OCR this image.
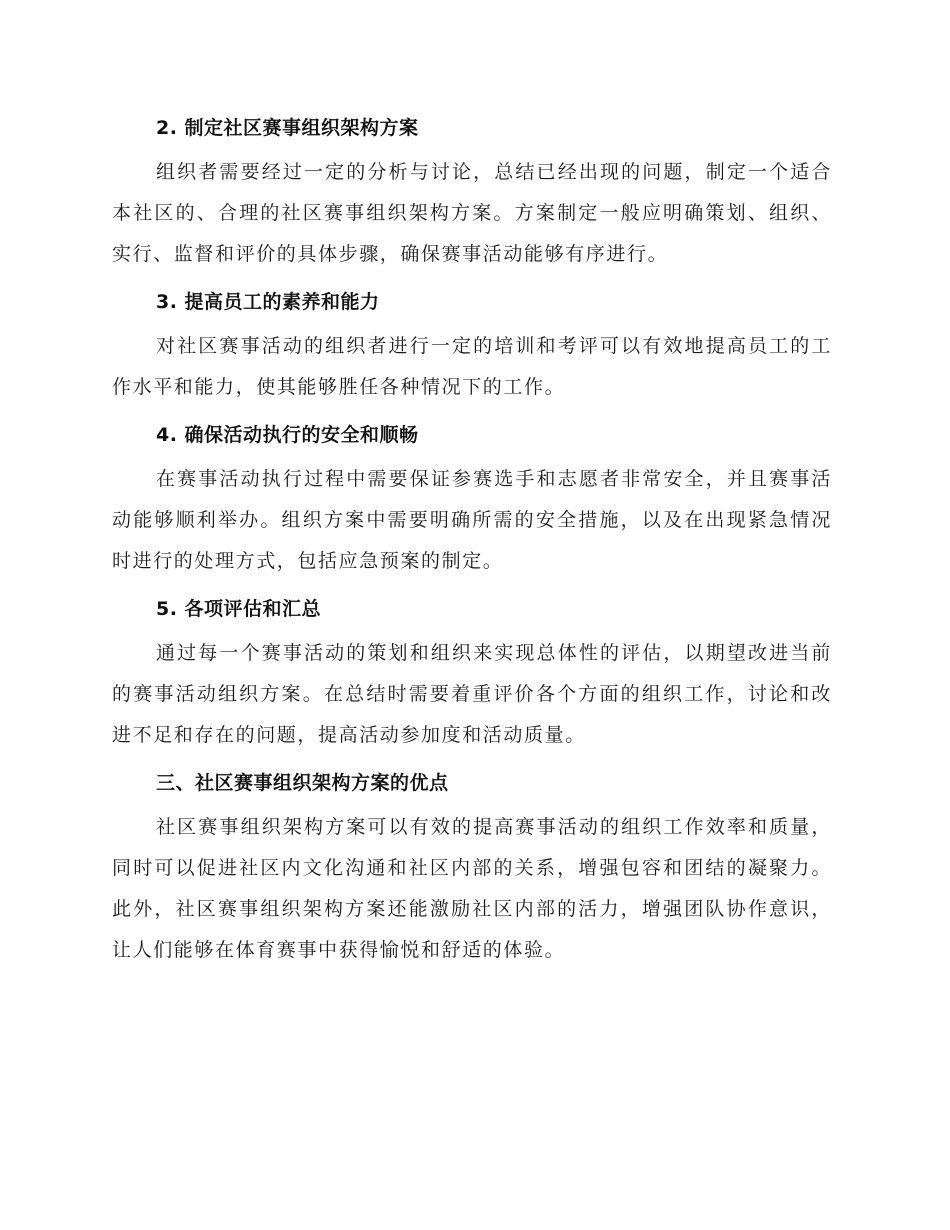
2. 制定社区赛事组织架构方案

组织者需要经过一定的分析与讨论，总结已经出现的问题，制定一个适合本社区的、合理的社区赛事组织架构方案。方案制定一般应明确策划、组织、实行、监督和评价的具体步骤，确保赛事活动能够有序进行。

3. 提高员工的素养和能力

对社区赛事活动的组织者进行一定的培训和考评可以有效地提高员工的工作水平和能力，使其能够胜任各种情况下的工作。

4. 确保活动执行的安全和顺畅

在赛事活动执行过程中需要保证参赛选手和志愿者非常安全，并且赛事活动能够顺利举办。组织方案中需要明确所需的安全措施，以及在出现紧急情况时进行的处理方式，包括应急预案的制定。

5. 各项评估和汇总

通过每一个赛事活动的策划和组织来实现总体性的评估，以期望改进当前的赛事活动组织方案。在总结时需要着重评价各个方面的组织工作，讨论和改进不足和存在的问题，提高活动参加度和活动质量。

三、社区赛事组织架构方案的优点

社区赛事组织架构方案可以有效的提高赛事活动的组织工作效率和质量，同时可以促进社区内文化沟通和社区内部的关系，增强包容和团结的凝聚力。此外，社区赛事组织架构方案还能激励社区内部的活力，增强团队协作意识，让人们能够在体育赛事中获得愉悦和舒适的体验。
